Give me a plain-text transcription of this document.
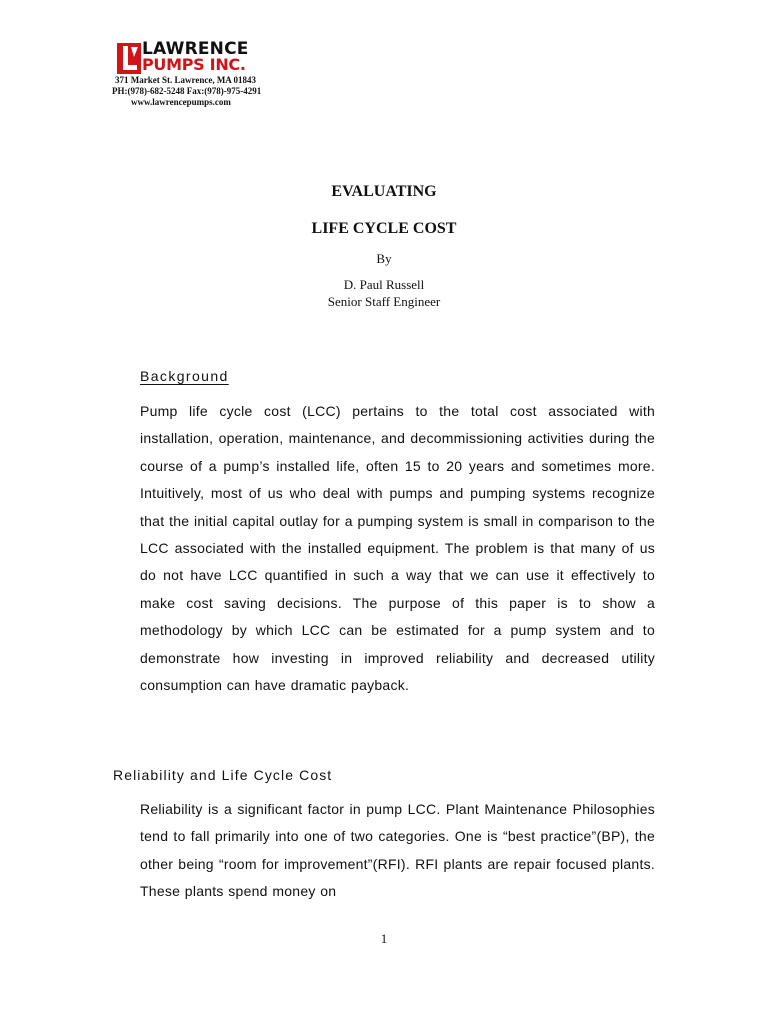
LAWRENCE
PUMPS INC.
371 Market St. Lawrence, MA 01843
PH:(978)-682-5248 Fax:(978)-975-4291
www.lawrencepumps.com
EVALUATING
LIFE CYCLE COST
By
D. Paul Russell
Senior Staff Engineer
Background
Pump life cycle cost (LCC) pertains to the total cost associated with installation, operation, maintenance, and decommissioning activities during the course of a pump’s installed life, often 15 to 20 years and sometimes more. Intuitively, most of us who deal with pumps and pumping systems recognize that the initial capital outlay for a pumping system is small in comparison to the LCC associated with the installed equipment. The problem is that many of us do not have LCC quantified in such a way that we can use it effectively to make cost saving decisions. The purpose of this paper is to show a methodology by which LCC can be estimated for a pump system and to demonstrate how investing in improved reliability and decreased utility consumption can have dramatic payback.
Reliability and Life Cycle Cost
Reliability is a significant factor in pump LCC. Plant Maintenance Philosophies tend to fall primarily into one of two categories. One is “best practice”(BP), the other being “room for improvement”(RFI). RFI plants are repair focused plants. These plants spend money on
1
